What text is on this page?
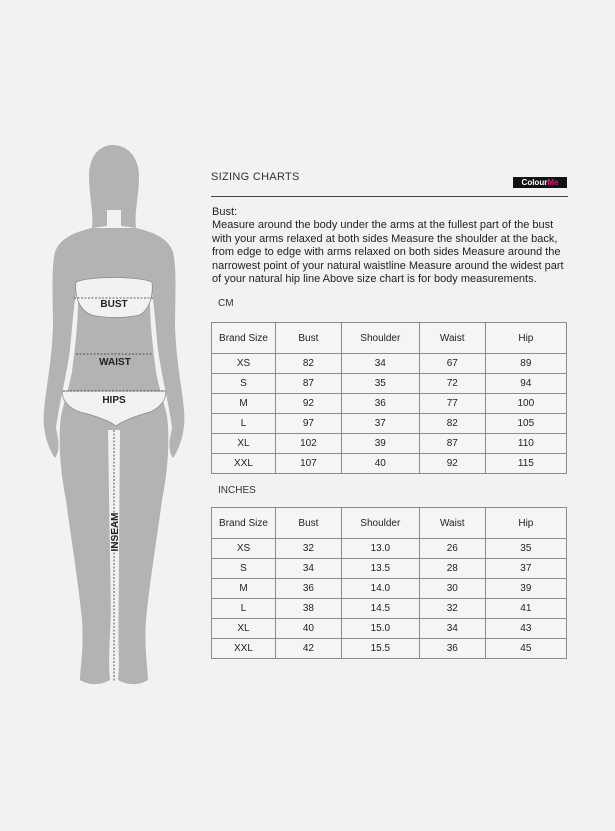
BUST
WAIST
HIPS
INSEAM
SIZING CHARTS	ColourMe
Bust:
Measure around the body under the arms at the fullest part of the bust with your arms relaxed at both sides Measure the shoulder at the back, from edge to edge with arms relaxed on both sides Measure around the narrowest point of your natural waistline Measure around the widest part of your natural hip line Above size chart is for body measurements.
CM
Brand Size	Bust	Shoulder	Waist	Hip
XS	82	34	67	89
S	87	35	72	94
M	92	36	77	100
L	97	37	82	105
XL	102	39	87	110
XXL	107	40	92	115
INCHES
Brand Size	Bust	Shoulder	Waist	Hip
XS	32	13.0	26	35
S	34	13.5	28	37
M	36	14.0	30	39
L	38	14.5	32	41
XL	40	15.0	34	43
XXL	42	15.5	36	45
